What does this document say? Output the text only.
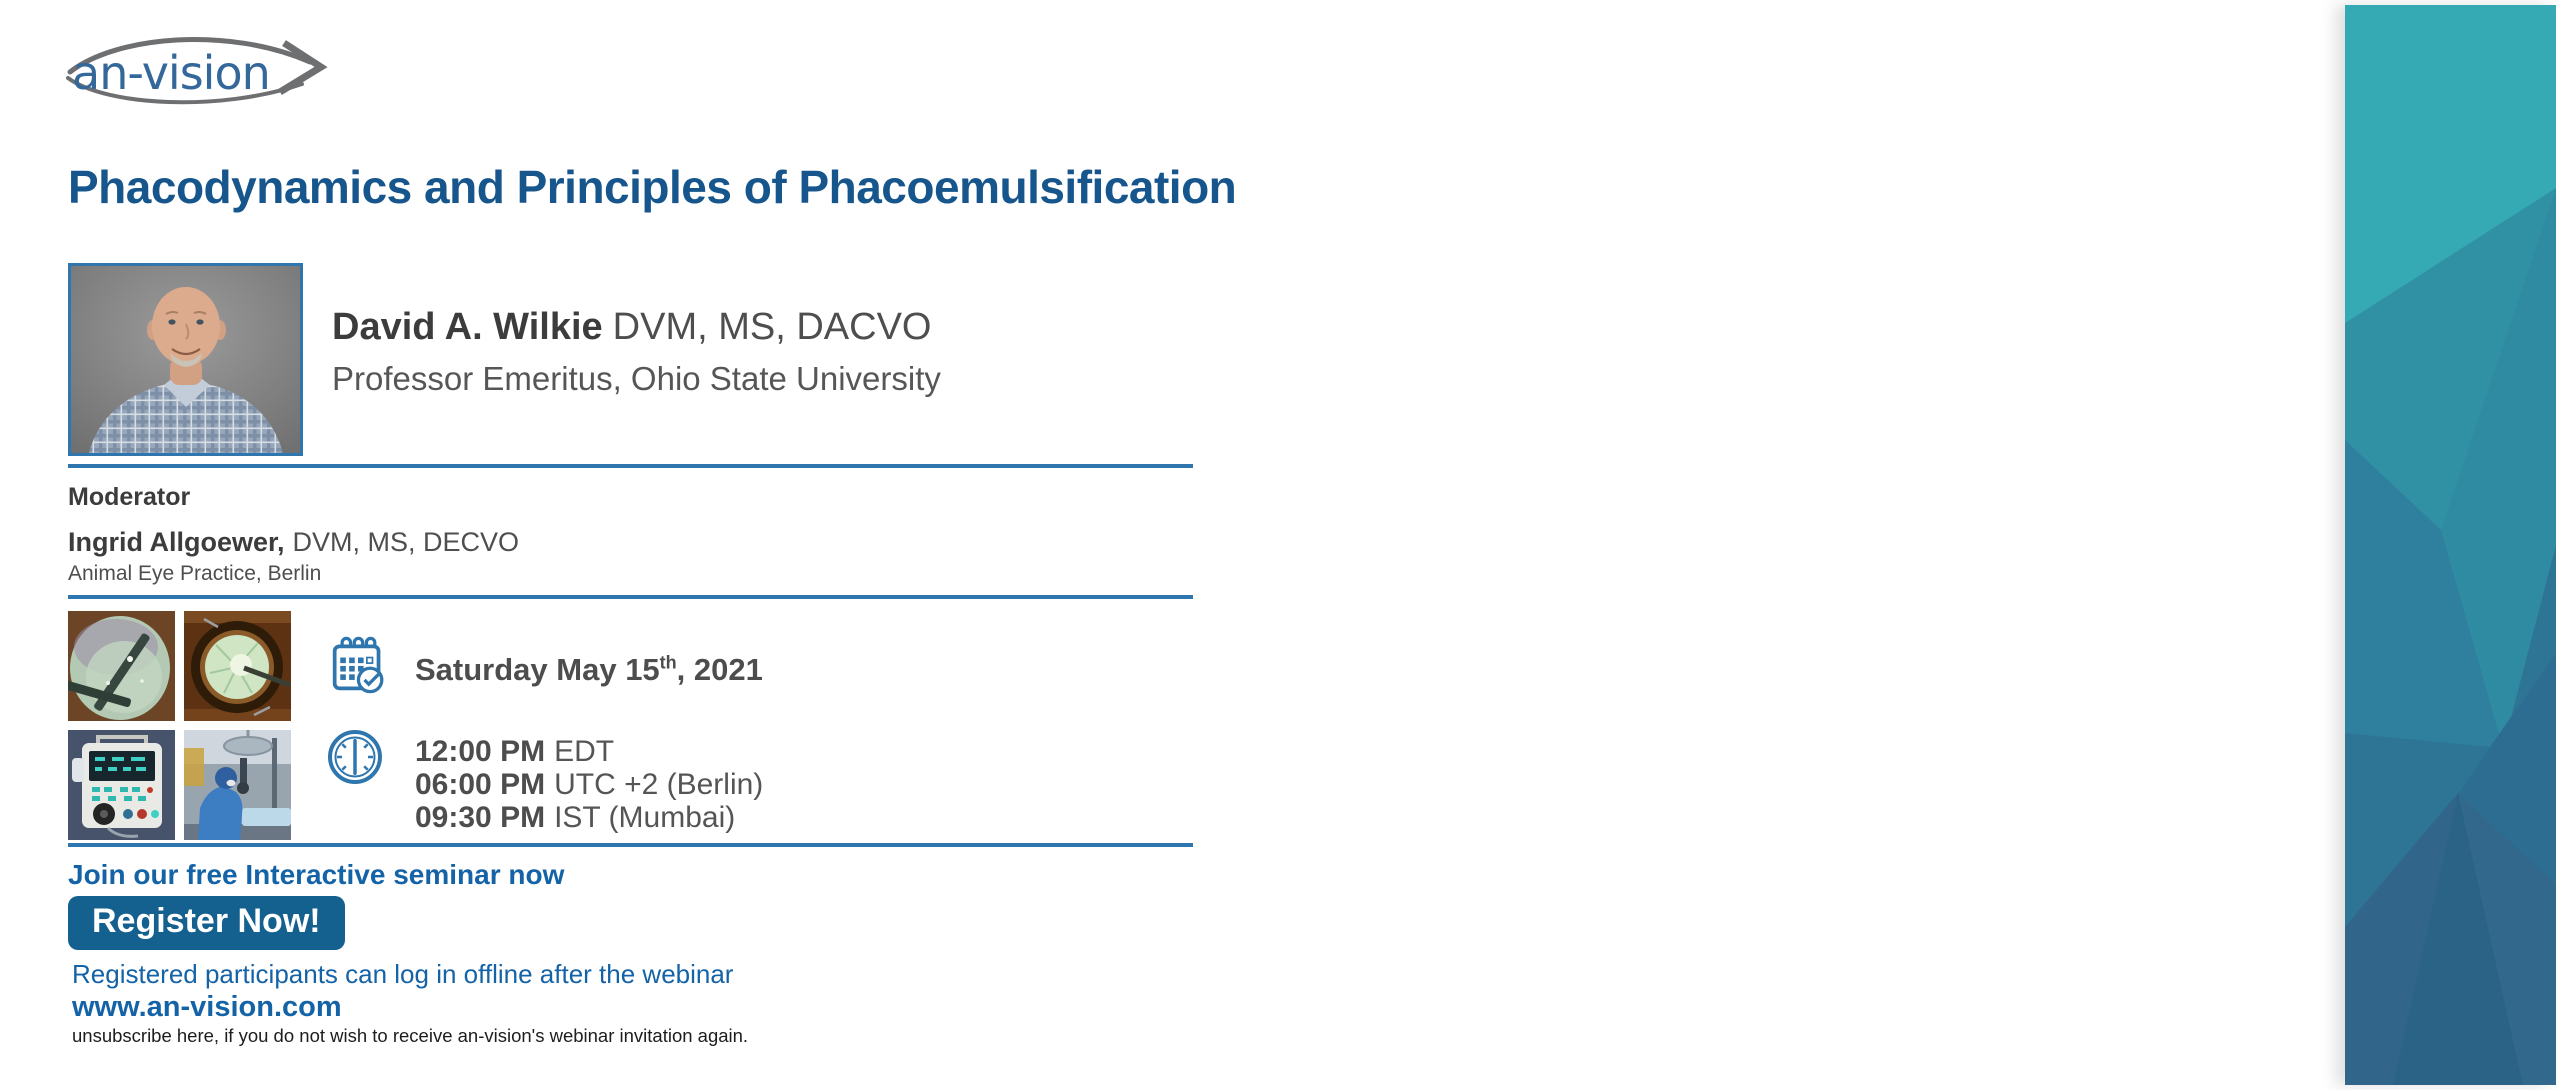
an-vision
Phacodynamics and Principles of Phacoemulsification
David A. Wilkie DVM, MS, DACVO
Professor Emeritus, Ohio State University
Moderator
Ingrid Allgoewer, DVM, MS, DECVO
Animal Eye Practice, Berlin
Saturday May 15th, 2021
12:00 PM EDT
06:00 PM UTC +2 (Berlin)
09:30 PM IST (Mumbai)
Join our free Interactive seminar now
Register Now!
Registered participants can log in offline after the webinar
www.an-vision.com
unsubscribe here, if you do not wish to receive an-vision's webinar invitation again.
